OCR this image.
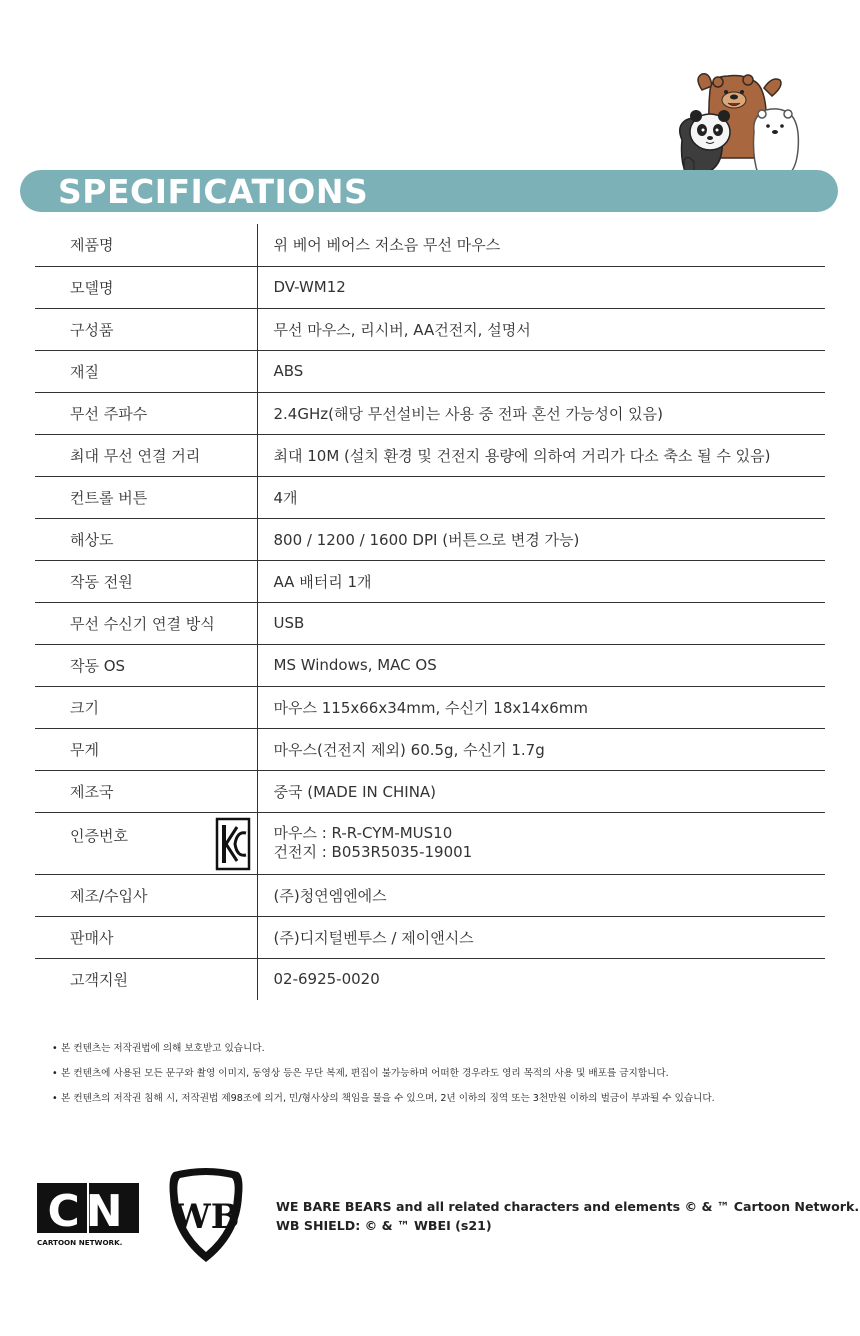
SPECIFICATIONS
제품명	위 베어 베어스 저소음 무선 마우스
모델명	DV-WM12
구성품	무선 마우스, 리시버, AA건전지, 설명서
재질	ABS
무선 주파수	2.4GHz(해당 무선설비는 사용 중 전파 혼선 가능성이 있음)
최대 무선 연결 거리	최대 10M (설치 환경 및 건전지 용량에 의하여 거리가 다소 축소 될 수 있음)
컨트롤 버튼	4개
해상도	800 / 1200 / 1600 DPI (버튼으로 변경 가능)
작동 전원	AA 배터리 1개
무선 수신기 연결 방식	USB
작동 OS	MS Windows, MAC OS
크기	마우스 115x66x34mm, 수신기 18x14x6mm
무게	마우스(건전지 제외) 60.5g, 수신기 1.7g
제조국	중국 (MADE IN CHINA)

인증번호	마우스 : R-R-CYM-MUS10
건전지 : B053R5035-19001

제조/수입사	(주)청연엠엔에스
판매사	(주)디지털벤투스 / 제이앤시스
고객지원	02-6925-0020
• 본 컨텐츠는 저작권법에 의해 보호받고 있습니다.
• 본 컨텐츠에 사용된 모든 문구와 촬영 이미지, 동영상 등은 무단 복제, 편집이 불가능하며 어떠한 경우라도 영리 목적의 사용 및 배포를 금지합니다.
• 본 컨텐츠의 저작권 침해 시, 저작권법 제98조에 의거, 민/형사상의 책임을 물을 수 있으며, 2년 이하의 징역 또는 3천만원 이하의 벌금이 부과될 수 있습니다.
CN
CARTOON NETWORK.
WB	WE BARE BEARS and all related characters and elements © & ™ Cartoon Network.
WB SHIELD: © & ™ WBEI (s21)
